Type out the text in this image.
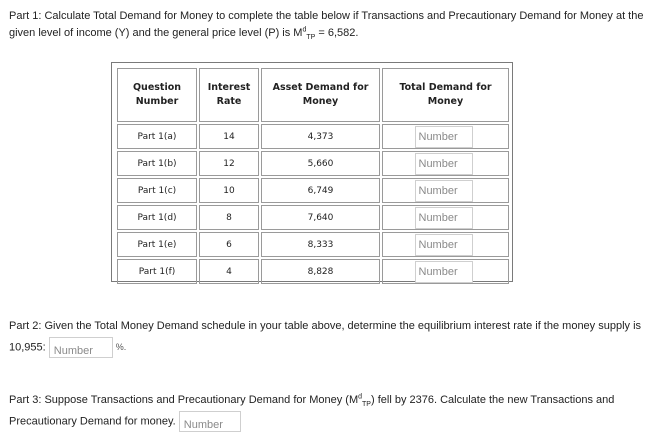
Part 1: Calculate Total Demand for Money to complete the table below if Transactions and Precautionary Demand for Money at the given level of income (Y) and the general price level (P) is $M^d_{TP} = 6,582$.

Question Number	Interest Rate	Asset Demand for Money	Total Demand for Money
Part 1(a)	14	4,373	Number
Part 1(b)	12	5,660	Number
Part 1(c)	10	6,749	Number
Part 1(d)	8	7,640	Number
Part 1(e)	6	8,333	Number
Part 1(f)	4	8,828	Number

Part 2: Given the Total Money Demand schedule in your table above, determine the equilibrium interest rate if the money supply is 10,955: Number	%.

Part 3: Suppose Transactions and Precautionary Demand for Money $(M^d_{TP})$ fell by 2376. Calculate the new Transactions and Precautionary Demand for money. Number
